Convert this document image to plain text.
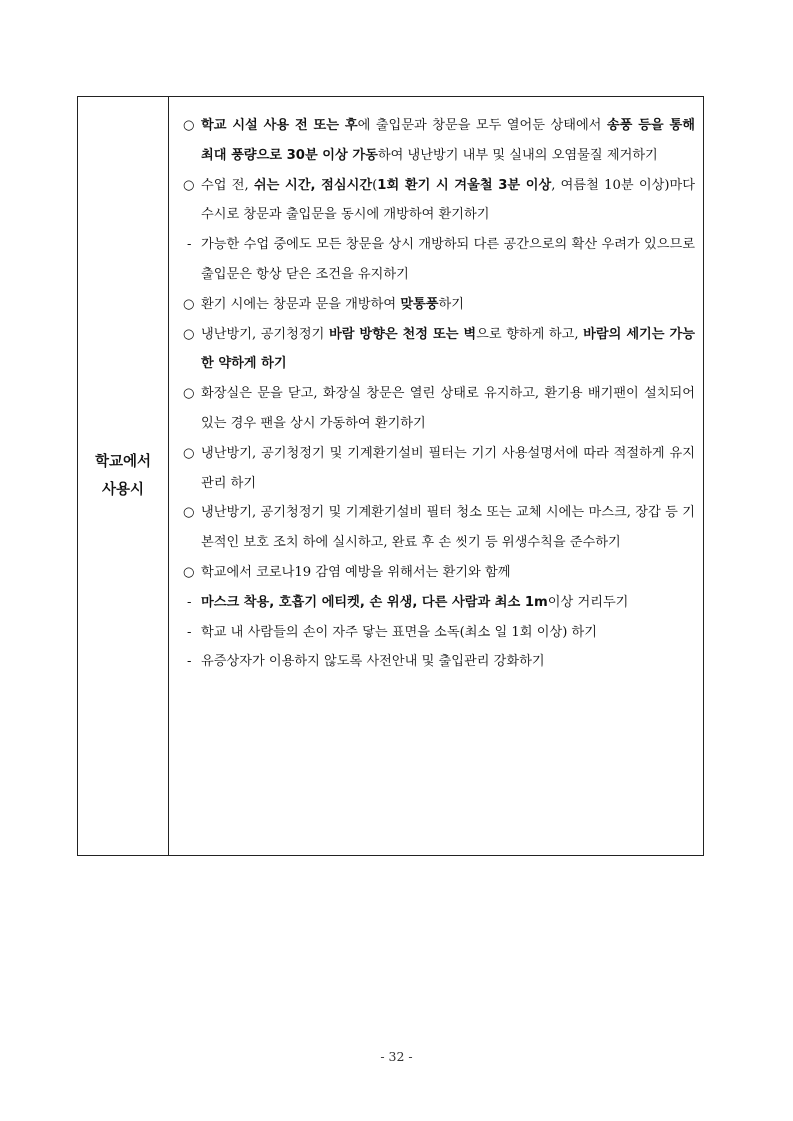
학교에서 사용시
○ 학교 시설 사용 전 또는 후에 출입문과 창문을 모두 열어둔 상태에서 송풍 등을 통해 최대 풍량으로 30분 이상 가동하여 냉난방기 내부 및 실내의 오염물질 제거하기
○ 수업 전, 쉬는 시간, 점심시간(1회 환기 시 겨울철 3분 이상, 여름철 10분 이상)마다 수시로 창문과 출입문을 동시에 개방하여 환기하기
- 가능한 수업 중에도 모든 창문을 상시 개방하되 다른 공간으로의 확산 우려가 있으므로 출입문은 항상 닫은 조건을 유지하기
○ 환기 시에는 창문과 문을 개방하여 맞통풍하기
○ 냉난방기, 공기청정기 바람 방향은 천정 또는 벽으로 향하게 하고, 바람의 세기는 가능한 약하게 하기
○ 화장실은 문을 닫고, 화장실 창문은 열린 상태로 유지하고, 환기용 배기팬이 설치되어 있는 경우 팬을 상시 가동하여 환기하기
○ 냉난방기, 공기청정기 및 기계환기설비 필터는 기기 사용설명서에 따라 적절하게 유지관리 하기
○ 냉난방기, 공기청정기 및 기계환기설비 필터 청소 또는 교체 시에는 마스크, 장갑 등 기본적인 보호 조치 하에 실시하고, 완료 후 손 씻기 등 위생수칙을 준수하기
○ 학교에서 코로나19 감염 예방을 위해서는 환기와 함께
- 마스크 착용, 호흡기 에티켓, 손 위생, 다른 사람과 최소 1m이상 거리두기
- 학교 내 사람들의 손이 자주 닿는 표면을 소독(최소 일 1회 이상) 하기
- 유증상자가 이용하지 않도록 사전안내 및 출입관리 강화하기
- 32 -
